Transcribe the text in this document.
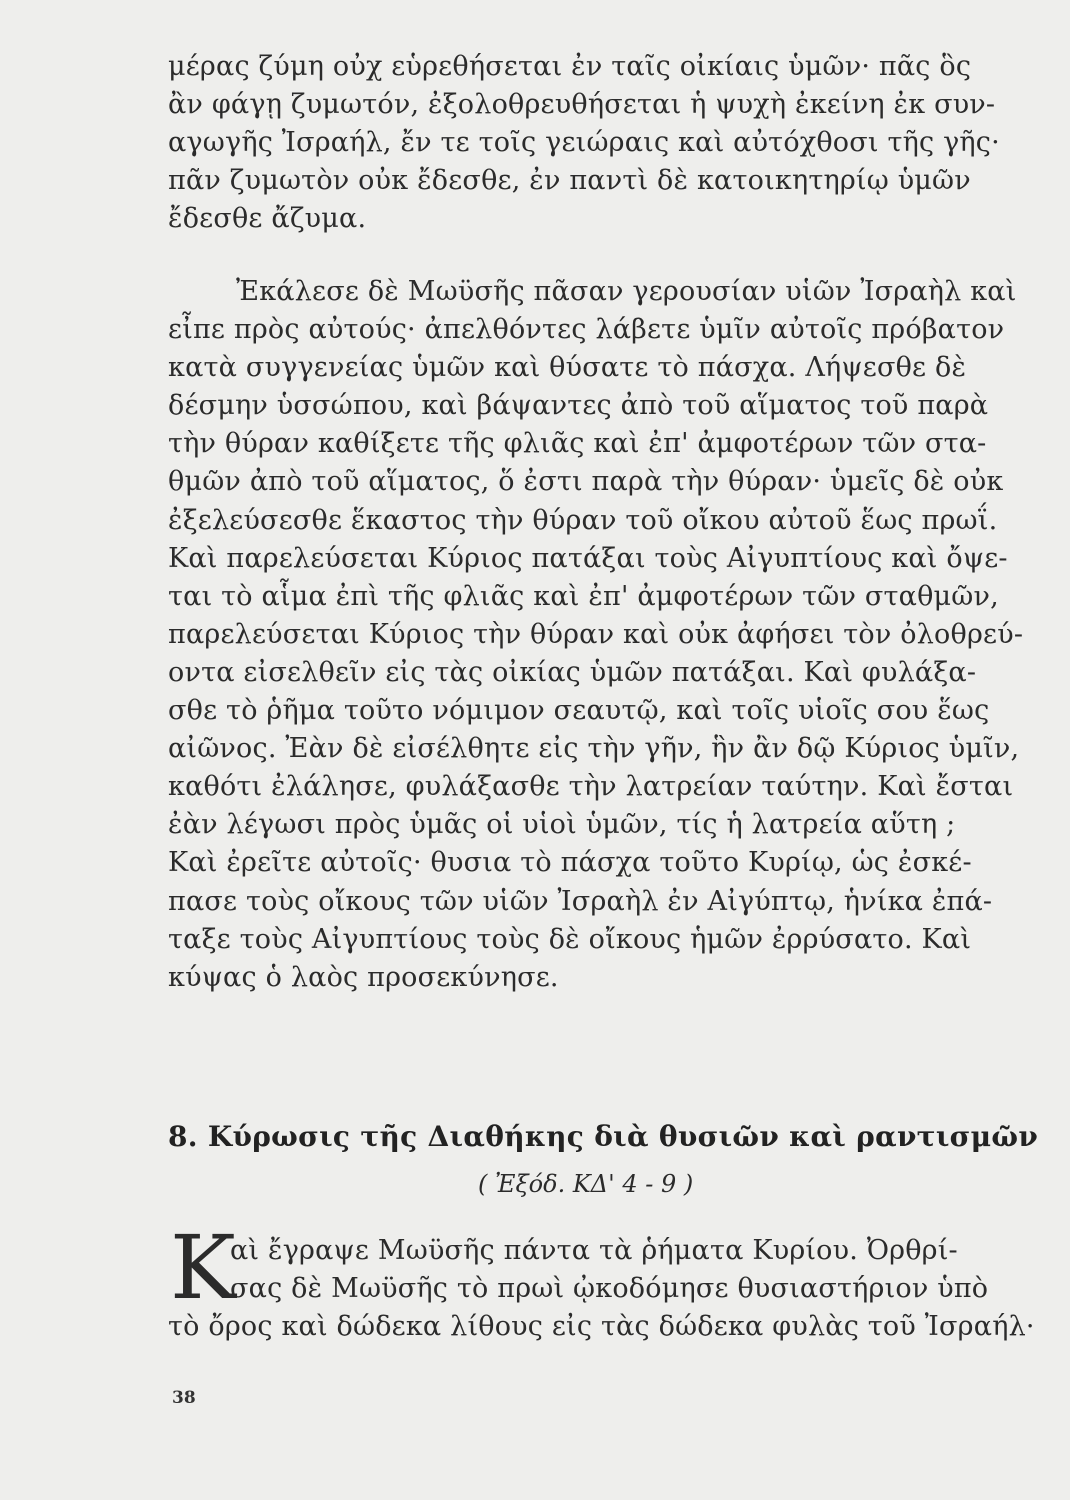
μέρας ζύμη οὐχ εὑρεθήσεται ἐν ταῖς οἰκίαις ὑμῶν· πᾶς ὃς
ἂν φάγῃ ζυμωτόν, ἐξολοθρευθήσεται ἡ ψυχὴ ἐκείνη ἐκ συν-
αγωγῆς Ἰσραήλ, ἔν τε τοῖς γειώραις καὶ αὐτόχθοσι τῆς γῆς·
πᾶν ζυμωτὸν οὐκ ἔδεσθε, ἐν παντὶ δὲ κατοικητηρίῳ ὑμῶν
ἔδεσθε ἄζυμα.
Ἐκάλεσε δὲ Μωϋσῆς πᾶσαν γερουσίαν υἱῶν Ἰσραὴλ καὶ
εἶπε πρὸς αὐτούς· ἀπελθόντες λάβετε ὑμῖν αὐτοῖς πρόβατον
κατὰ συγγενείας ὑμῶν καὶ θύσατε τὸ πάσχα. Λήψεσθε δὲ
δέσμην ὑσσώπου, καὶ βάψαντες ἀπὸ τοῦ αἵματος τοῦ παρὰ
τὴν θύραν καθίξετε τῆς φλιᾶς καὶ ἐπ' ἀμφοτέρων τῶν στα-
θμῶν ἀπὸ τοῦ αἵματος, ὅ ἐστι παρὰ τὴν θύραν· ὑμεῖς δὲ οὐκ
ἐξελεύσεσθε ἕκαστος τὴν θύραν τοῦ οἴκου αὐτοῦ ἕως πρωΐ.
Καὶ παρελεύσεται Κύριος πατάξαι τοὺς Αἰγυπτίους καὶ ὄψε-
ται τὸ αἷμα ἐπὶ τῆς φλιᾶς καὶ ἐπ' ἀμφοτέρων τῶν σταθμῶν,
παρελεύσεται Κύριος τὴν θύραν καὶ οὐκ ἀφήσει τὸν ὀλοθρεύ-
οντα εἰσελθεῖν εἰς τὰς οἰκίας ὑμῶν πατάξαι. Καὶ φυλάξα-
σθε τὸ ῥῆμα τοῦτο νόμιμον σεαυτῷ, καὶ τοῖς υἱοῖς σου ἕως
αἰῶνος. Ἐὰν δὲ εἰσέλθητε εἰς τὴν γῆν, ἣν ἂν δῷ Κύριος ὑμῖν,
καθότι ἐλάλησε, φυλάξασθε τὴν λατρείαν ταύτην. Καὶ ἔσται
ἐὰν λέγωσι πρὸς ὑμᾶς οἱ υἱοὶ ὑμῶν, τίς ἡ λατρεία αὕτη ;
Καὶ ἐρεῖτε αὐτοῖς· θυσια τὸ πάσχα τοῦτο Κυρίῳ, ὡς ἐσκέ-
πασε τοὺς οἴκους τῶν υἱῶν Ἰσραὴλ ἐν Αἰγύπτῳ, ἡνίκα ἐπά-
ταξε τοὺς Αἰγυπτίους τοὺς δὲ οἴκους ἡμῶν ἐρρύσατο. Καὶ
κύψας ὁ λαὸς προσεκύνησε.
8. Κύρωσις τῆς Διαθήκης διὰ θυσιῶν καὶ ραντισμῶν
( Ἐξόδ. ΚΔ' 4 - 9 )
Κ
αὶ ἔγραψε Μωϋσῆς πάντα τὰ ῥήματα Κυρίου. Ὀρθρί-
σας δὲ Μωϋσῆς τὸ πρωὶ ᾠκοδόμησε θυσιαστήριον ὑπὸ
τὸ ὄρος καὶ δώδεκα λίθους εἰς τὰς δώδεκα φυλὰς τοῦ Ἰσραήλ·
38
